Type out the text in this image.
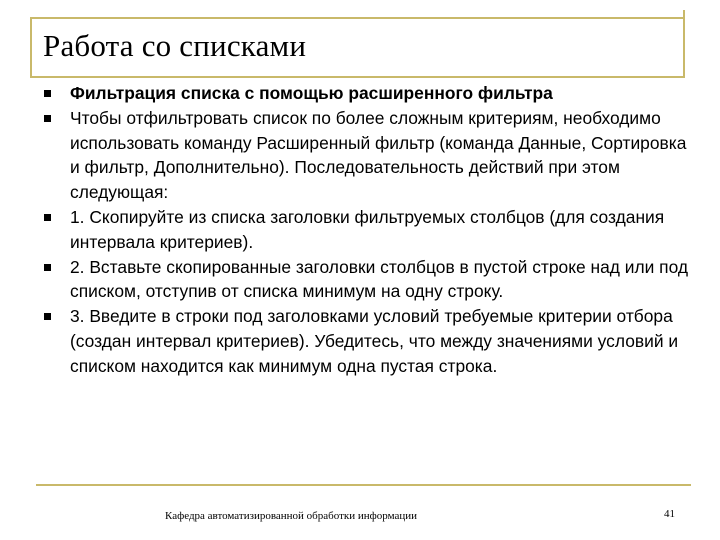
Работа со списками
Фильтрация списка с помощью расширенного фильтра
Чтобы отфильтровать список по более сложным критериям, необходимо использовать команду Расширенный фильтр (команда Данные, Сортировка и фильтр, Дополнительно). Последовательность действий при этом следующая:
1. Скопируйте из списка заголовки фильтруемых столбцов (для создания интервала критериев).
2. Вставьте скопированные заголовки столбцов в пустой строке над или под списком, отступив от списка минимум на одну строку.
3. Введите в строки под заголовками условий требуемые критерии отбора (создан интервал критериев). Убедитесь, что между значениями условий и списком находится как минимум одна пустая строка.
Кафедра автоматизированной обработки информации	41
